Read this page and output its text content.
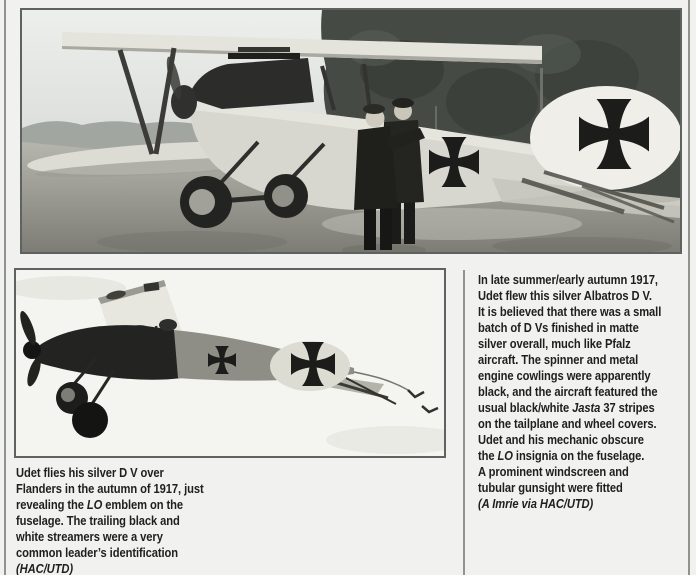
Udet flies his silver D V over
Flanders in the autumn of 1917, just
revealing the LO emblem on the
fuselage. The trailing black and
white streamers were a very
common leader’s identification
(HAC/UTD)
In late summer/early autumn 1917,
Udet flew this silver Albatros D V.
It is believed that there was a small
batch of D Vs finished in matte
silver overall, much like Pfalz
aircraft. The spinner and metal
engine cowlings were apparently
black, and the aircraft featured the
usual black/white Jasta 37 stripes
on the tailplane and wheel covers.
Udet and his mechanic obscure
the LO insignia on the fuselage.
A prominent windscreen and
tubular gunsight were fitted
(A Imrie via HAC/UTD)
